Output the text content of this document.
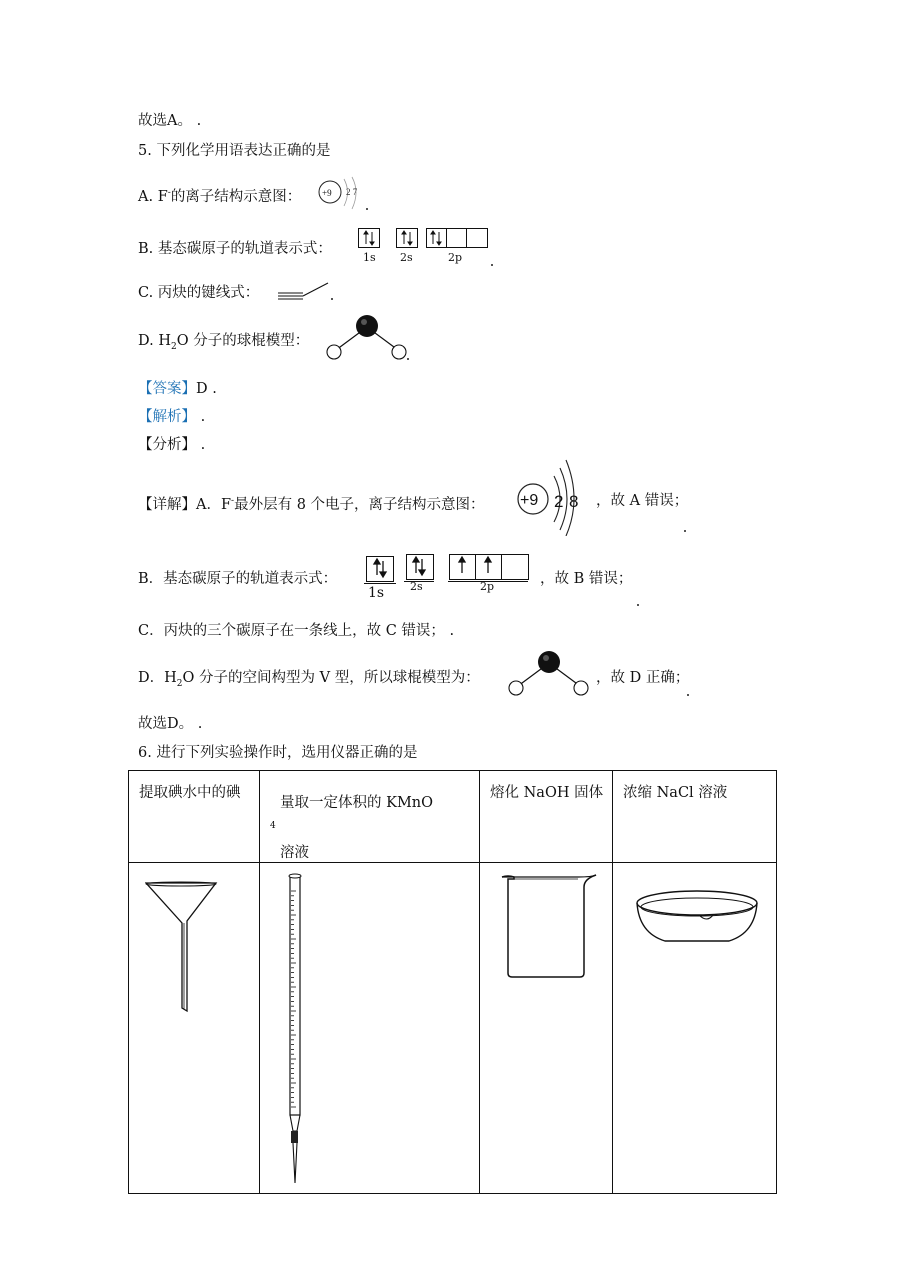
故选A。 .
5. 下列化学用语表达正确的是
A. F-的离子结构示意图： +9 2 7
B. 基态碳原子的轨道表示式：
1s 2s	2p
C. 丙炔的键线式：
D. $H_2O$ 分子的球棍模型：
【答案】D .
【解析】 .
【分析】 .
【详解】A．F-最外层有 8 个电子，离子结构示意图： +9 2 8 ，故 A 错误；
B．基态碳原子的轨道表示式：
1s 2s	2p	，故 B 错误；
C．丙炔的三个碳原子在一条线上，故 C 错误； .
D．$H_2O$ 分子的空间构型为 V 型，所以球棍模型为：	，故 D 正确；
故选D。 .
6. 进行下列实验操作时，选用仪器正确的是
提取碘水中的碘	量取一定体积的 KMnO
$_4$
溶液	熔化 NaOH 固体	浓缩 NaCl 溶液
